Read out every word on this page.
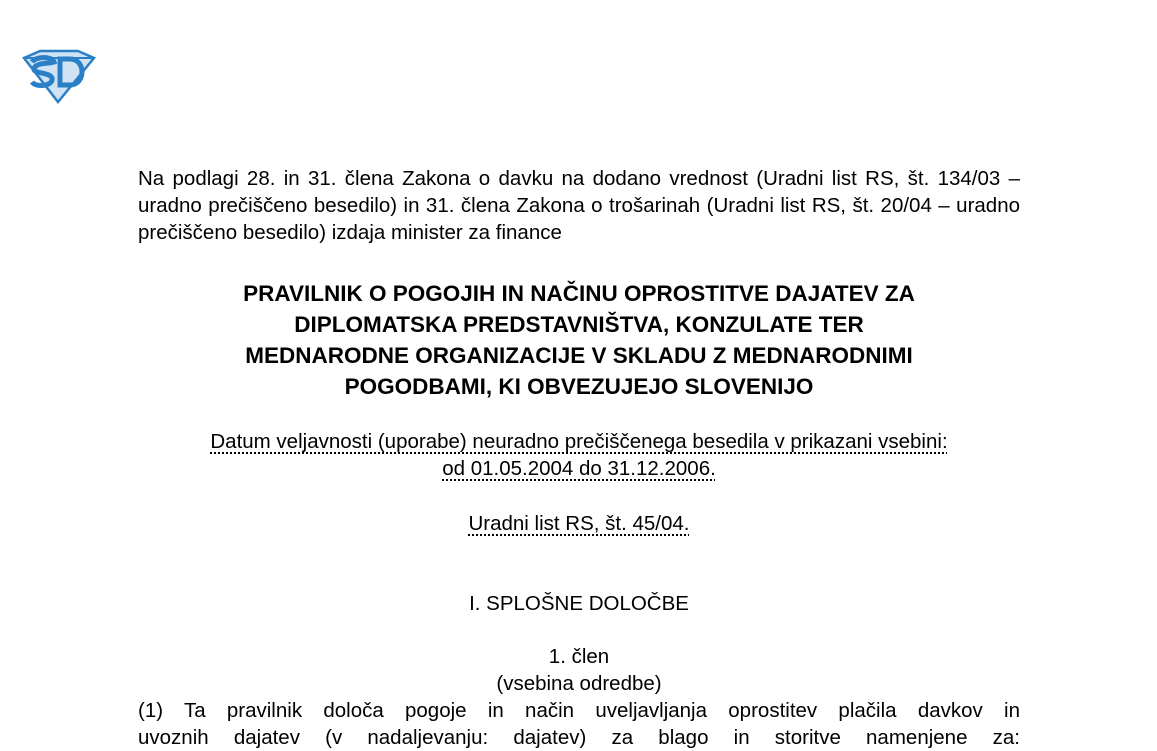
Na podlagi 28. in 31. člena Zakona o davku na dodano vrednost (Uradni list RS, št. 134/03 – uradno prečiščeno besedilo) in 31. člena Zakona o trošarinah (Uradni list RS, št. 20/04 – uradno prečiščeno besedilo) izdaja minister za finance
PRAVILNIK O POGOJIH IN NAČINU OPROSTITVE DAJATEV ZA
DIPLOMATSKA PREDSTAVNIŠTVA, KONZULATE TER
MEDNARODNE ORGANIZACIJE V SKLADU Z MEDNARODNIMI
POGODBAMI, KI OBVEZUJEJO SLOVENIJO
Datum veljavnosti (uporabe) neuradno prečiščenega besedila v prikazani vsebini:
od 01.05.2004 do 31.12.2006.
Uradni list RS, št. 45/04.
I. SPLOŠNE DOLOČBE
1. člen
(vsebina odredbe)
(1) Ta pravilnik določa pogoje in način uveljavljanja oprostitev plačila davkov in
uvoznih dajatev (v nadaljevanju: dajatev) za blago in storitve namenjene za:
